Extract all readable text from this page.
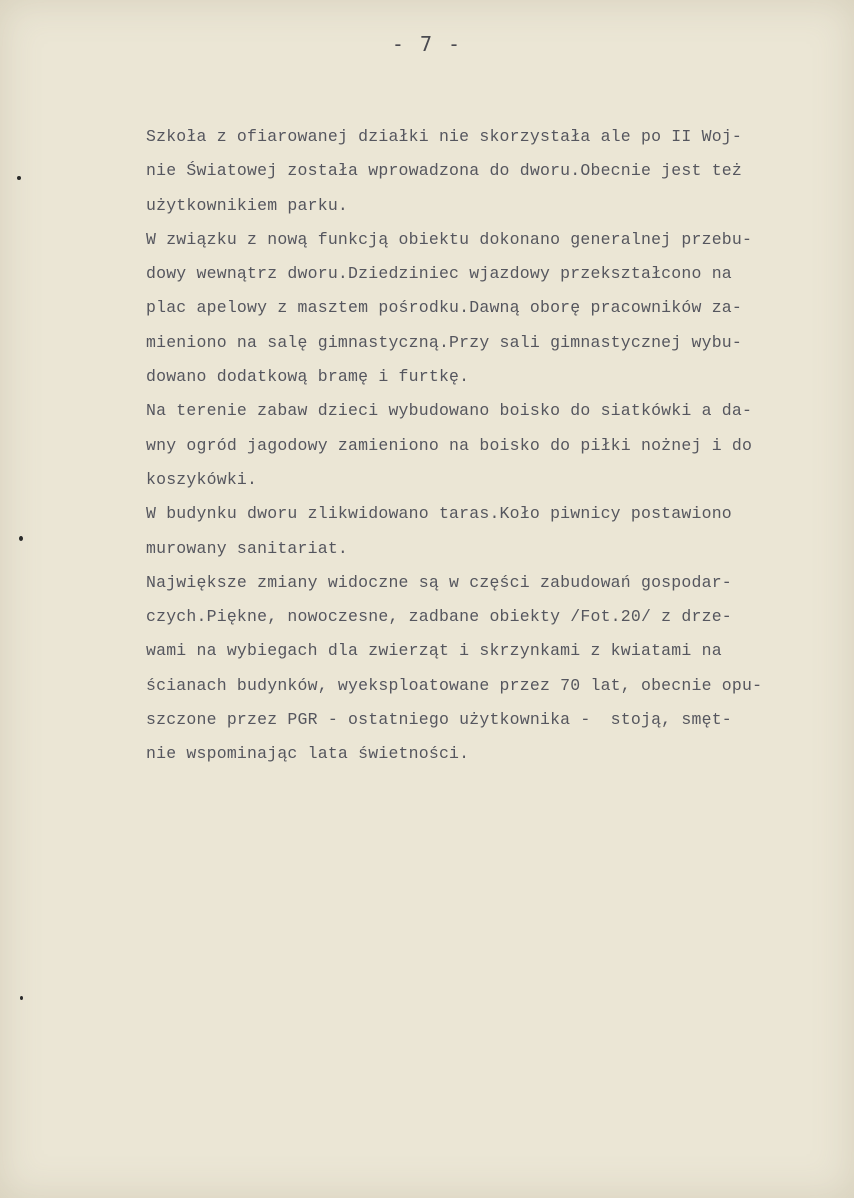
- 7 -
Szkoła z ofiarowanej działki nie skorzystała ale po II Woj-
nie Światowej została wprowadzona do dworu.Obecnie jest też
użytkownikiem parku.
W związku z nową funkcją obiektu dokonano generalnej przebu-
dowy wewnątrz dworu.Dziedziniec wjazdowy przekształcono na
plac apelowy z masztem pośrodku.Dawną oborę pracowników za-
mieniono na salę gimnastyczną.Przy sali gimnastycznej wybu-
dowano dodatkową bramę i furtkę.
Na terenie zabaw dzieci wybudowano boisko do siatkówki a da-
wny ogród jagodowy zamieniono na boisko do piłki nożnej i do
koszykówki.
W budynku dworu zlikwidowano taras.Koło piwnicy postawiono
murowany sanitariat.
Największe zmiany widoczne są w części zabudowań gospodar-
czych.Piękne, nowoczesne, zadbane obiekty /Fot.20/ z drze-
wami na wybiegach dla zwierząt i skrzynkami z kwiatami na
ścianach budynków, wyeksploatowane przez 70 lat, obecnie opu-
szczone przez PGR - ostatniego użytkownika -  stoją, smęt-
nie wspominając lata świetności.
